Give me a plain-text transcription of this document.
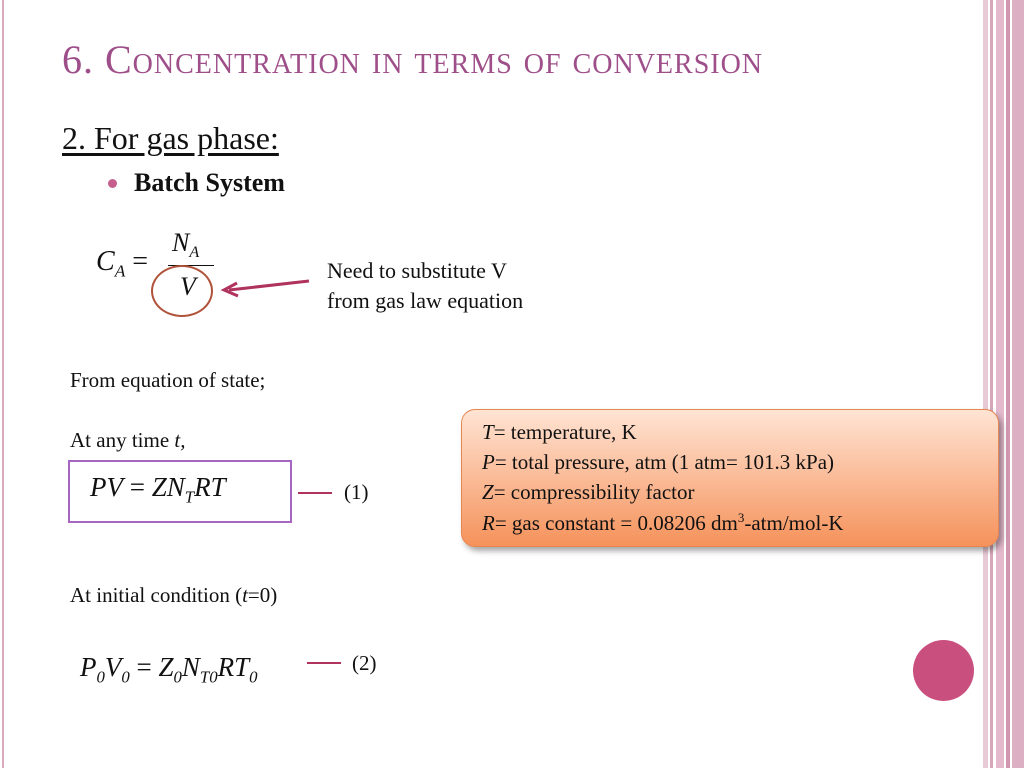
6. Concentration in terms of conversion
2. For gas phase:
Batch System
$C_A$ =
$N_A$
V
Need to substitute V
from gas law equation
From equation of state;
At any time t,
PV = $ZN_TRT$	(1)
T= temperature, K
P= total pressure, atm (1 atm= 101.3 kPa)
Z= compressibility factor
R= gas constant = 0.08206 $dm^3-atm/mol-K$
At initial condition (t=0)
$P_0V_0 = Z_0N_{T0}RT_0$
(2)
